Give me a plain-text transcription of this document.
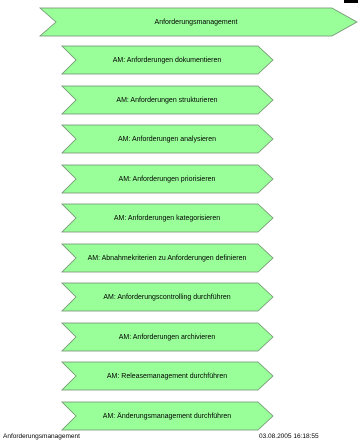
Anforderungsmanagement
AM: Anforderungen dokumentieren
AM: Anforderungen strukturieren
AM: Anforderungen analysieren
AM: Anforderungen priorisieren
AM: Anforderungen kategorisieren
AM: Abnahmekriterien zu Anforderungen definieren
AM: Anforderungscontrolling durchführen
AM: Anforderungen archivieren
AM: Releasemanagement durchführen
AM: Änderungsmanagement durchführen
Anforderungsmanagement	03.08.2005 16:18:55
